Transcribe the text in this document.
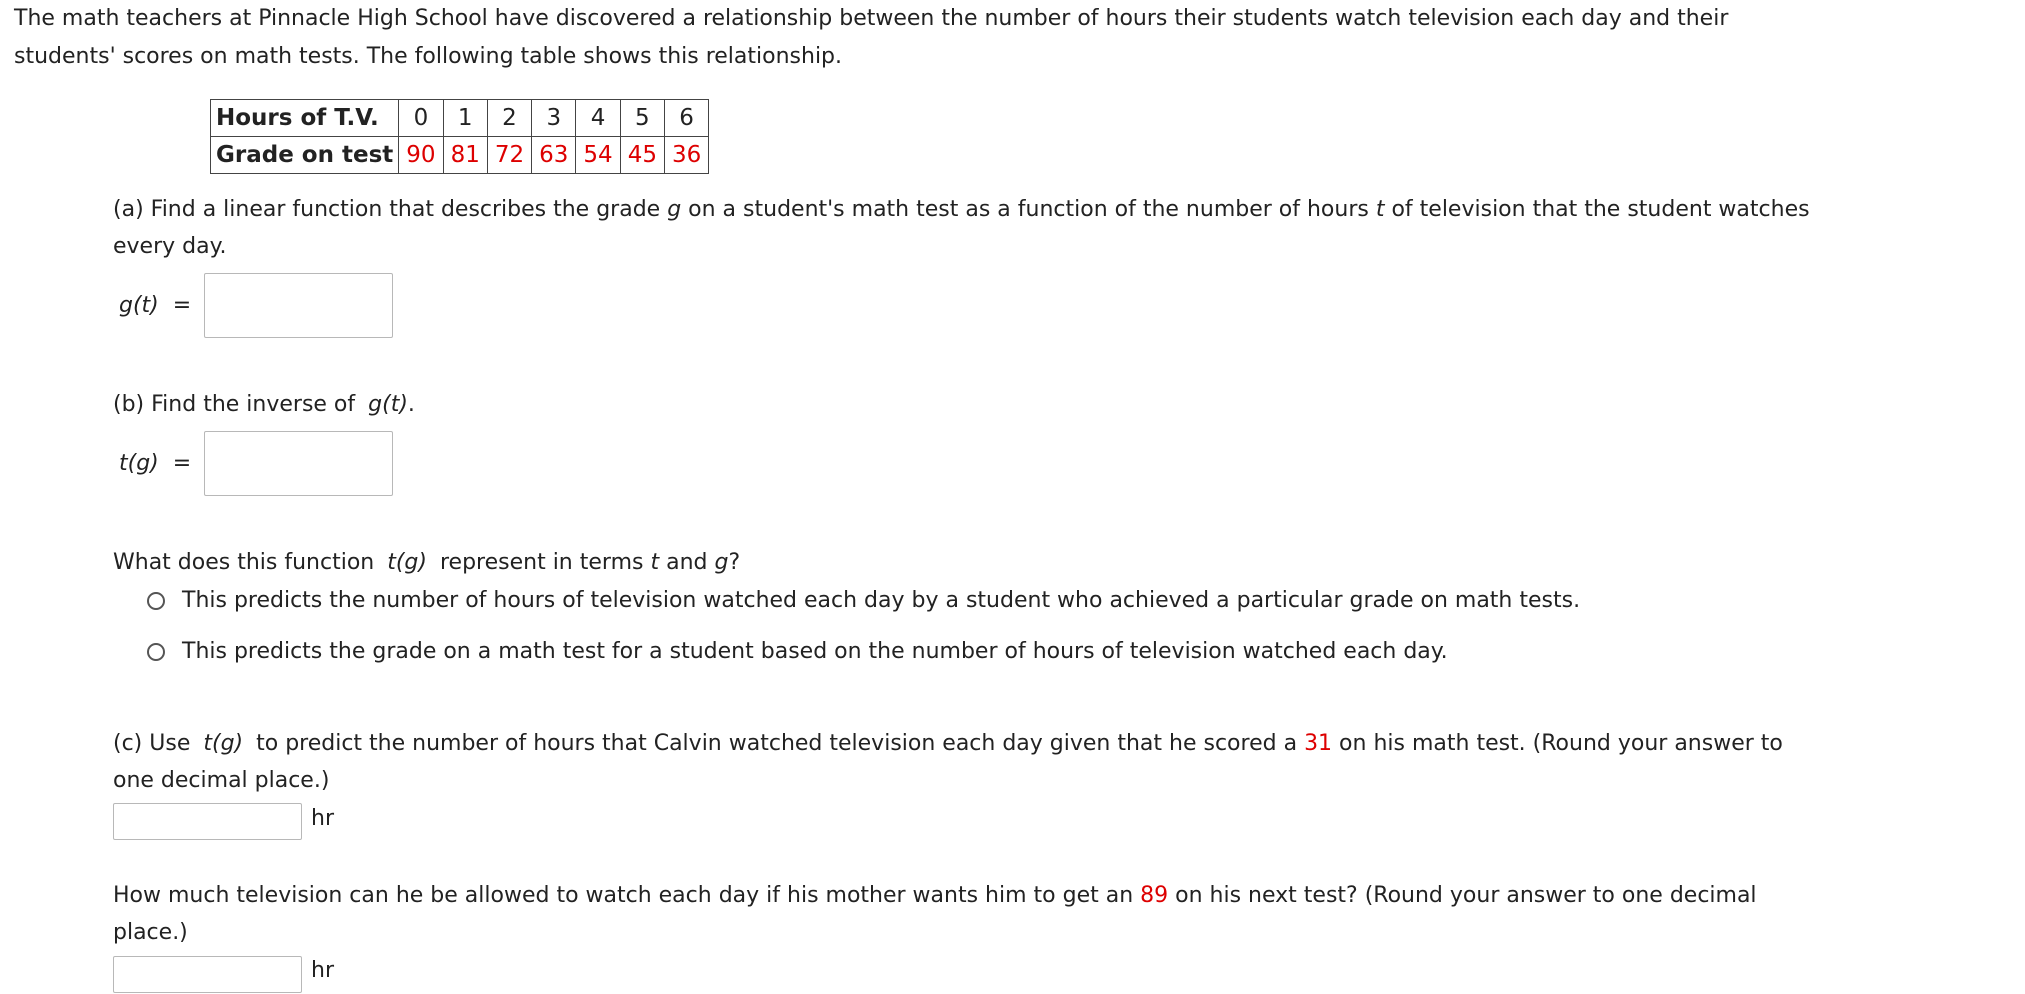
The math teachers at Pinnacle High School have discovered a relationship between the number of hours their students watch television each day and their
students' scores on math tests. The following table shows this relationship.
Hours of T.V.	0	1	2	3	4	5	6
Grade on test	90	81	72	63	54	45	36
(a) Find a linear function that describes the grade g on a student's math test as a function of the number of hours t of television that the student watches
every day.
g(t) =
(b) Find the inverse of g(t).
t(g) =
What does this function t(g) represent in terms t and g?
This predicts the number of hours of television watched each day by a student who achieved a particular grade on math tests.
This predicts the grade on a math test for a student based on the number of hours of television watched each day.
(c) Use t(g) to predict the number of hours that Calvin watched television each day given that he scored a 31 on his math test. (Round your answer to
one decimal place.)
hr
How much television can he be allowed to watch each day if his mother wants him to get an 89 on his next test? (Round your answer to one decimal
place.)
hr
